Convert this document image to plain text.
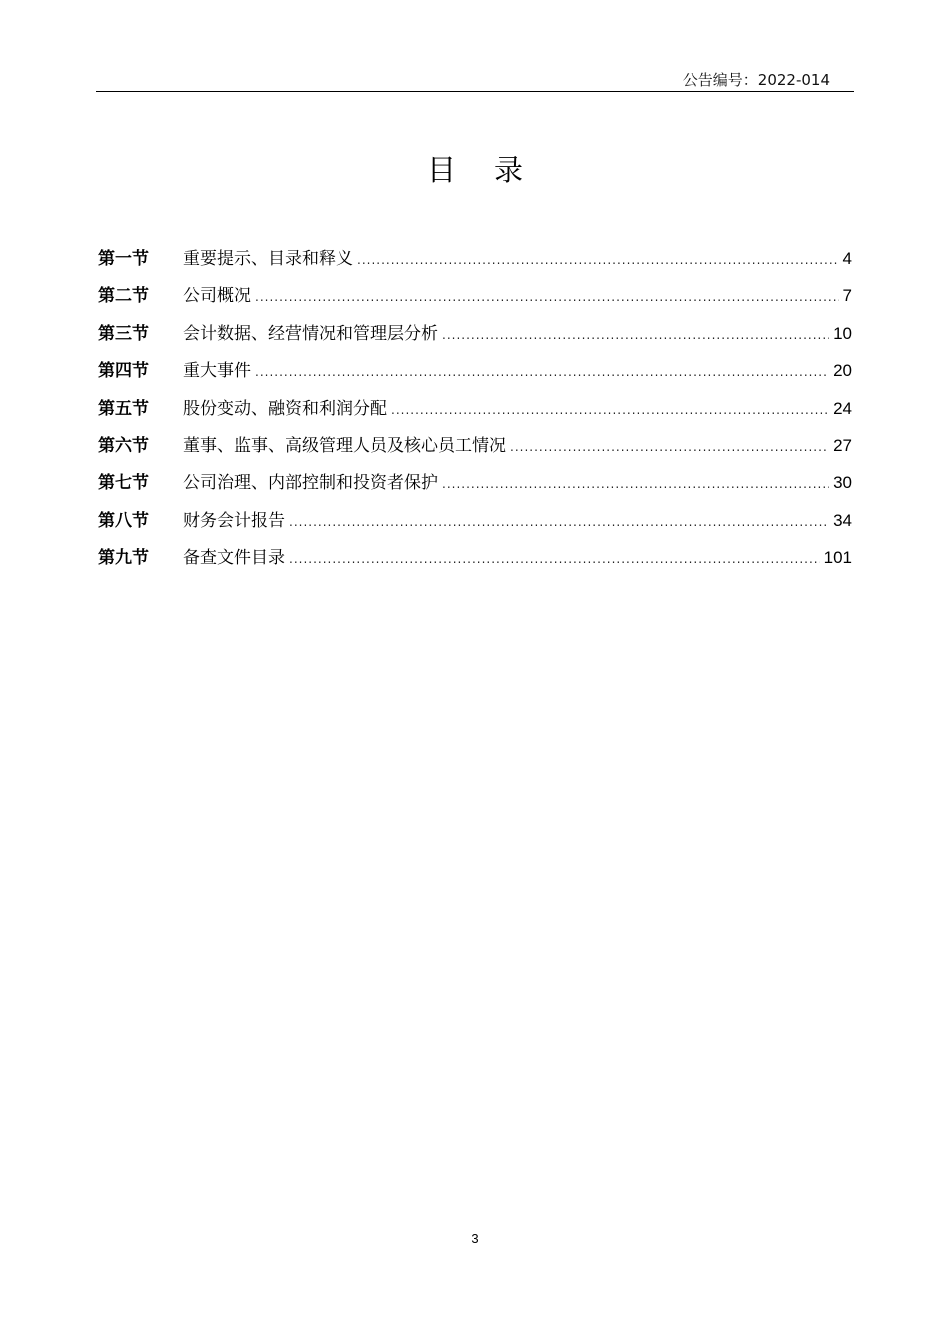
公告编号：2022-014
目录
第一节	重要提示、目录和释义 .....	4
第二节	公司概况 .....	7
第三节	会计数据、经营情况和管理层分析 .....	10
第四节	重大事件 .....	20
第五节	股份变动、融资和利润分配 .....	24
第六节	董事、监事、高级管理人员及核心员工情况 .....	27
第七节	公司治理、内部控制和投资者保护 .....	30
第八节	财务会计报告 .....	34
第九节	备查文件目录 .....	101
3
